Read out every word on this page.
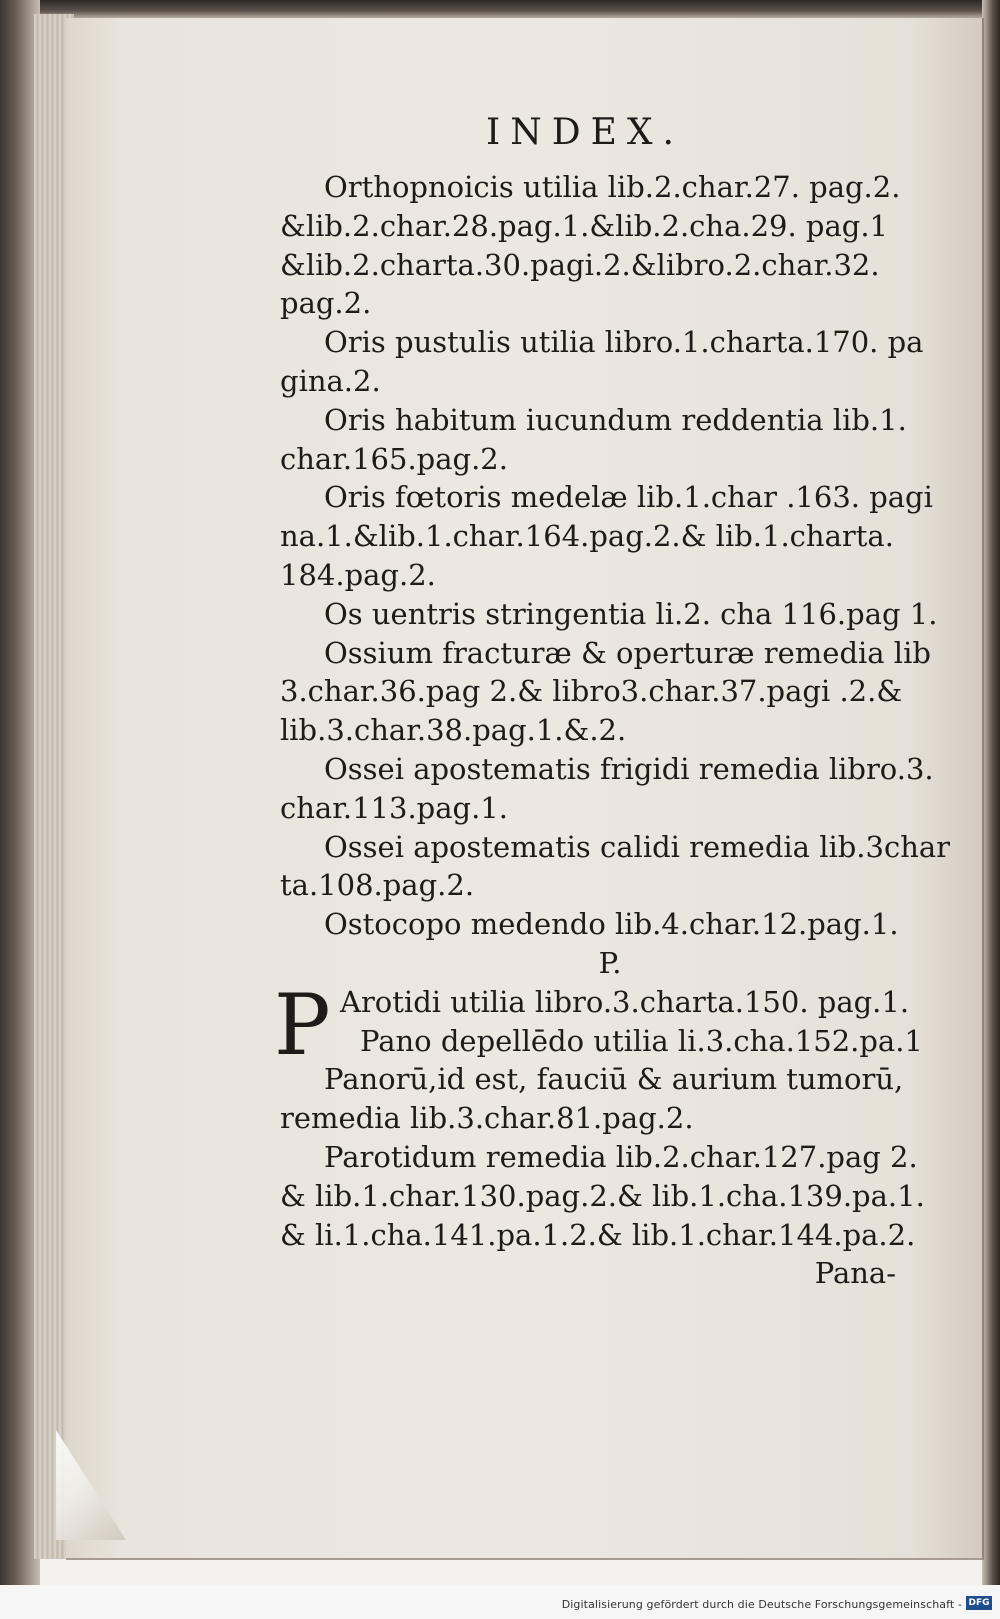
INDEX.
Orthopnoicis utilia lib.2.char.27. pag.2.
&lib.2.char.28.pag.1.&lib.2.cha.29. pag.1
&lib.2.charta.30.pagi.2.&libro.2.char.32.
pag.2.
Oris pustulis utilia libro.1.charta.170. pa
gina.2.
Oris habitum iucundum reddentia lib.1.
char.165.pag.2.
Oris fœtoris medelæ lib.1.char .163. pagi
na.1.&lib.1.char.164.pag.2.& lib.1.charta.
184.pag.2.
Os uentris stringentia li.2. cha 116.pag 1.
Ossium fracturæ & operturæ remedia lib
3.char.36.pag 2.& libro3.char.37.pagi .2.&
lib.3.char.38.pag.1.&.2.
Ossei apostematis frigidi remedia libro.3.
char.113.pag.1.
Ossei apostematis calidi remedia lib.3char
ta.108.pag.2.
Ostocopo medendo lib.4.char.12.pag.1.
P.
P Arotidi utilia libro.3.charta.150. pag.1.
Pano depellēdo utilia li.3.cha.152.pa.1
Panorū,id est, fauciū & aurium tumorū,
remedia lib.3.char.81.pag.2.
Parotidum remedia lib.2.char.127.pag 2.
& lib.1.char.130.pag.2.& lib.1.cha.139.pa.1.
& li.1.cha.141.pa.1.2.& lib.1.char.144.pa.2.
Pana-
Digitalisierung gefördert durch die Deutsche Forschungsgemeinschaft - DFG
